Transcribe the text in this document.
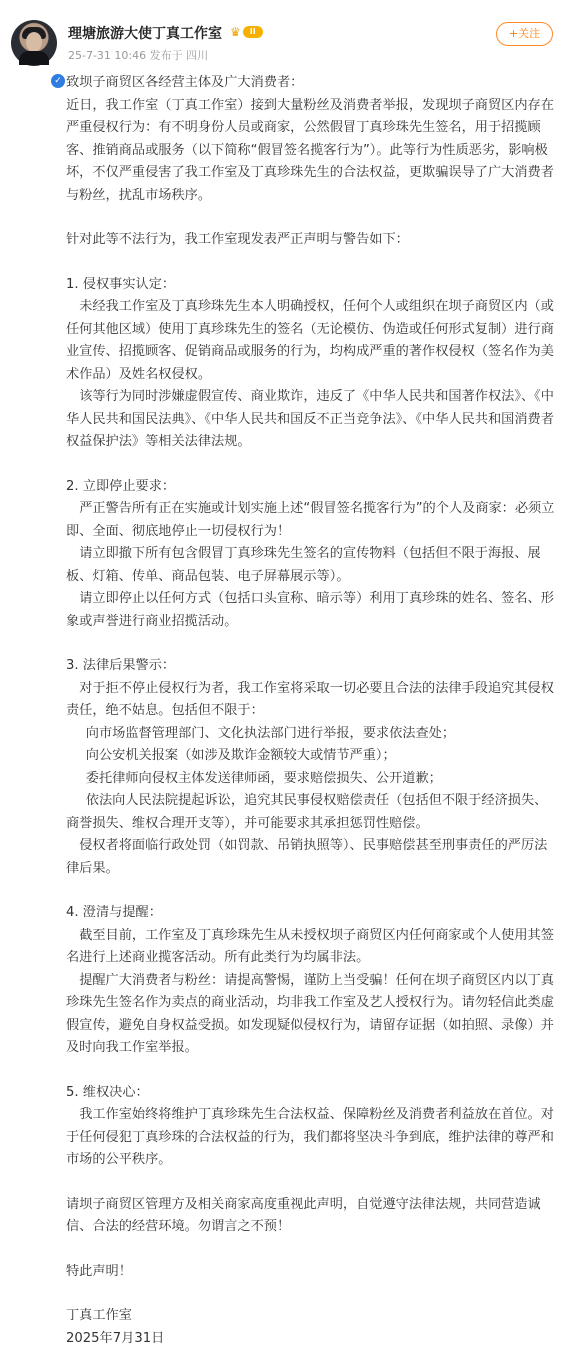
✓
理塘旅游大使丁真工作室 ♛	II
25-7-31 10:46 发布于 四川
+关注

致坝子商贸区各经营主体及广大消费者：

近日，我工作室（丁真工作室）接到大量粉丝及消费者举报，发现坝子商贸区内存在严重侵权行为：有不明身份人员或商家，公然假冒丁真珍珠先生签名，用于招揽顾客、推销商品或服务（以下简称“假冒签名揽客行为”）。此等行为性质恶劣，影响极坏，不仅严重侵害了我工作室及丁真珍珠先生的合法权益，更欺骗误导了广大消费者与粉丝，扰乱市场秩序。

针对此等不法行为，我工作室现发表严正声明与警告如下：

1. 侵权事实认定：

未经我工作室及丁真珍珠先生本人明确授权，任何个人或组织在坝子商贸区内（或任何其他区域）使用丁真珍珠先生的签名（无论模仿、伪造或任何形式复制）进行商业宣传、招揽顾客、促销商品或服务的行为，均构成严重的著作权侵权（签名作为美术作品）及姓名权侵权。

该等行为同时涉嫌虚假宣传、商业欺诈，违反了《中华人民共和国著作权法》、《中华人民共和国民法典》、《中华人民共和国反不正当竞争法》、《中华人民共和国消费者权益保护法》等相关法律法规。

2. 立即停止要求：

严正警告所有正在实施或计划实施上述“假冒签名揽客行为”的个人及商家：必须立即、全面、彻底地停止一切侵权行为！

请立即撤下所有包含假冒丁真珍珠先生签名的宣传物料（包括但不限于海报、展板、灯箱、传单、商品包装、电子屏幕展示等）。

请立即停止以任何方式（包括口头宣称、暗示等）利用丁真珍珠的姓名、签名、形象或声誉进行商业招揽活动。

3. 法律后果警示：

对于拒不停止侵权行为者，我工作室将采取一切必要且合法的法律手段追究其侵权责任，绝不姑息。包括但不限于：

向市场监督管理部门、文化执法部门进行举报，要求依法查处；

向公安机关报案（如涉及欺诈金额较大或情节严重）；

委托律师向侵权主体发送律师函，要求赔偿损失、公开道歉；

依法向人民法院提起诉讼，追究其民事侵权赔偿责任（包括但不限于经济损失、商誉损失、维权合理开支等），并可能要求其承担惩罚性赔偿。

侵权者将面临行政处罚（如罚款、吊销执照等）、民事赔偿甚至刑事责任的严厉法律后果。

4. 澄清与提醒：

截至目前，工作室及丁真珍珠先生从未授权坝子商贸区内任何商家或个人使用其签名进行上述商业揽客活动。所有此类行为均属非法。

提醒广大消费者与粉丝：请提高警惕，谨防上当受骗！任何在坝子商贸区内以丁真珍珠先生签名作为卖点的商业活动，均非我工作室及艺人授权行为。请勿轻信此类虚假宣传，避免自身权益受损。如发现疑似侵权行为，请留存证据（如拍照、录像）并及时向我工作室举报。

5. 维权决心：

我工作室始终将维护丁真珍珠先生合法权益、保障粉丝及消费者利益放在首位。对于任何侵犯丁真珍珠的合法权益的行为，我们都将坚决斗争到底，维护法律的尊严和市场的公平秩序。

请坝子商贸区管理方及相关商家高度重视此声明，自觉遵守法律法规，共同营造诚信、合法的经营环境。勿谓言之不预！

特此声明！

丁真工作室

2025年7月31日
